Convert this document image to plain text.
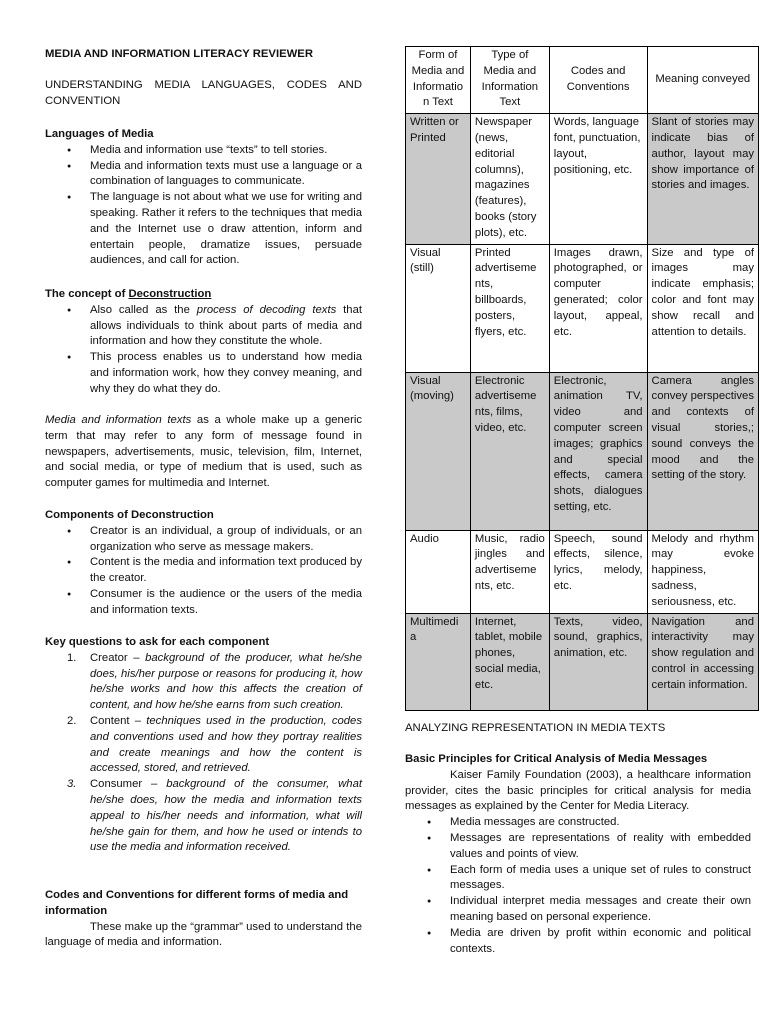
MEDIA AND INFORMATION LITERACY REVIEWER

UNDERSTANDING MEDIA LANGUAGES, CODES AND

CONVENTION

Languages of Media

● Media and information use “texts” to tell stories.
● Media and information texts must use a language or a combination of languages to communicate.
● The language is not about what we use for writing and speaking. Rather it refers to the techniques that media and the Internet use o draw attention, inform and entertain people, dramatize issues, persuade audiences, and call for action.

The concept of Deconstruction

● Also called as the process of decoding texts that allows individuals to think about parts of media and information and how they constitute the whole.
● This process enables us to understand how media and information work, how they convey meaning, and why they do what they do.

Media and information texts as a whole make up a generic term that may refer to any form of message found in newspapers, advertisements, music, television, film, Internet, and social media, or type of medium that is used, such as computer games for multimedia and Internet.

Components of Deconstruction

● Creator is an individual, a group of individuals, or an organization who serve as message makers.
● Content is the media and information text produced by the creator.
● Consumer is the audience or the users of the media and information texts.

Key questions to ask for each component

1. Creator – background of the producer, what he/she does, his/her purpose or reasons for producing it, how he/she works and how this affects the creation of content, and how he/she earns from such creation.
2. Content – techniques used in the production, codes and conventions used and how they portray realities and create meanings and how the content is accessed, stored, and retrieved.
3. Consumer – background of the consumer, what he/she does, how the media and information texts appeal to his/her needs and information, what will he/she gain for them, and how he used or intends to use the media and information received.

Codes and Conventions for different forms of media and information

These make up the “grammar” used to understand the language of media and information.

Form of Media and Informatio n Text	Type of Media and Information Text	Codes and Conventions	Meaning conveyed
Written or Printed	Newspaper (news, editorial columns), magazines (features), books (story plots), etc.	Words, language font, punctuation, layout, positioning, etc.	Slant of stories may indicate bias of author, layout may show importance of stories and images.
Visual (still)	Printed advertiseme nts, billboards, posters, flyers, etc.	Images drawn, photographed, or computer generated; color layout, appeal, etc.	Size and type of images may indicate emphasis; color and font may show recall and attention to details.
Visual (moving)	Electronic advertiseme nts, films, video, etc.	Electronic, animation TV, video and computer screen images; graphics and special effects, camera shots, dialogues setting, etc.	Camera angles convey perspectives and contexts of visual stories,; sound conveys the mood and the setting of the story.
Audio	Music, radio jingles and advertiseme nts, etc.	Speech, sound effects, silence, lyrics, melody, etc.	Melody and rhythm may evoke happiness, sadness, seriousness, etc.
Multimedi a	Internet, tablet, mobile phones, social media, etc.	Texts, video, sound, graphics, animation, etc.	Navigation and interactivity may show regulation and control in accessing certain information.

ANALYZING REPRESENTATION IN MEDIA TEXTS

Basic Principles for Critical Analysis of Media Messages

Kaiser Family Foundation (2003), a healthcare information provider, cites the basic principles for critical analysis for media messages as explained by the Center for Media Literacy.

● Media messages are constructed.
● Messages are representations of reality with embedded values and points of view.
● Each form of media uses a unique set of rules to construct messages.
● Individual interpret media messages and create their own meaning based on personal experience.
● Media are driven by profit within economic and political contexts.
